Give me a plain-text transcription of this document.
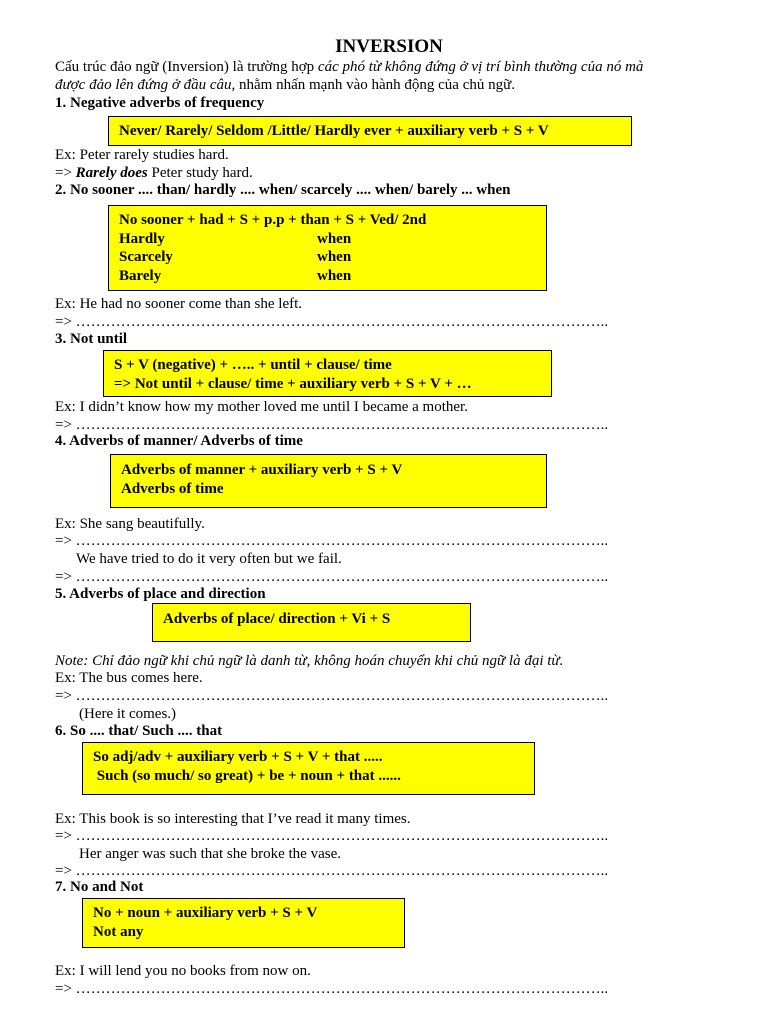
INVERSION
Cấu trúc đảo ngữ (Inversion) là trường hợp các phó từ không đứng ở vị trí bình thường của nó mà
được đảo lên đứng ở đầu câu, nhằm nhấn mạnh vào hành động của chủ ngữ.
1. Negative adverbs of frequency
Never/ Rarely/ Seldom /Little/ Hardly ever + auxiliary verb + S + V
Ex: Peter rarely studies hard.
=> Rarely does Peter study hard.
2. No sooner .... than/ hardly .... when/ scarcely .... when/ barely ... when
No sooner + had + S + p.p + than + S + Ved/ 2nd
Hardly	when
Scarcely	when
Barely	when
Ex: He had no sooner come than she left.
=> ……………………………………………………………………………………………..
3. Not until
S + V (negative) + ….. + until + clause/ time
=> Not until + clause/ time + auxiliary verb + S + V + …
Ex: I didn’t know how my mother loved me until I became a mother.
=> ……………………………………………………………………………………………..
4. Adverbs of manner/ Adverbs of time
Adverbs of manner + auxiliary verb + S + V
Adverbs of time
Ex: She sang beautifully.
=> ……………………………………………………………………………………………..
We have tried to do it very often but we fail.
=> ……………………………………………………………………………………………..
5. Adverbs of place and direction
Adverbs of place/ direction + Vi + S
Note: Chỉ đảo ngữ khi chủ ngữ là danh từ, không hoán chuyển khi chủ ngữ là đại từ.
Ex: The bus comes here.
=> ……………………………………………………………………………………………..
(Here it comes.)
6. So .... that/ Such .... that
So adj/adv + auxiliary verb + S + V + that .....
Such (so much/ so great) + be + noun + that ......
Ex: This book is so interesting that I’ve read it many times.
=> ……………………………………………………………………………………………..
Her anger was such that she broke the vase.
=> ……………………………………………………………………………………………..
7. No and Not
No + noun + auxiliary verb + S + V
Not any
Ex: I will lend you no books from now on.
=> ……………………………………………………………………………………………..
